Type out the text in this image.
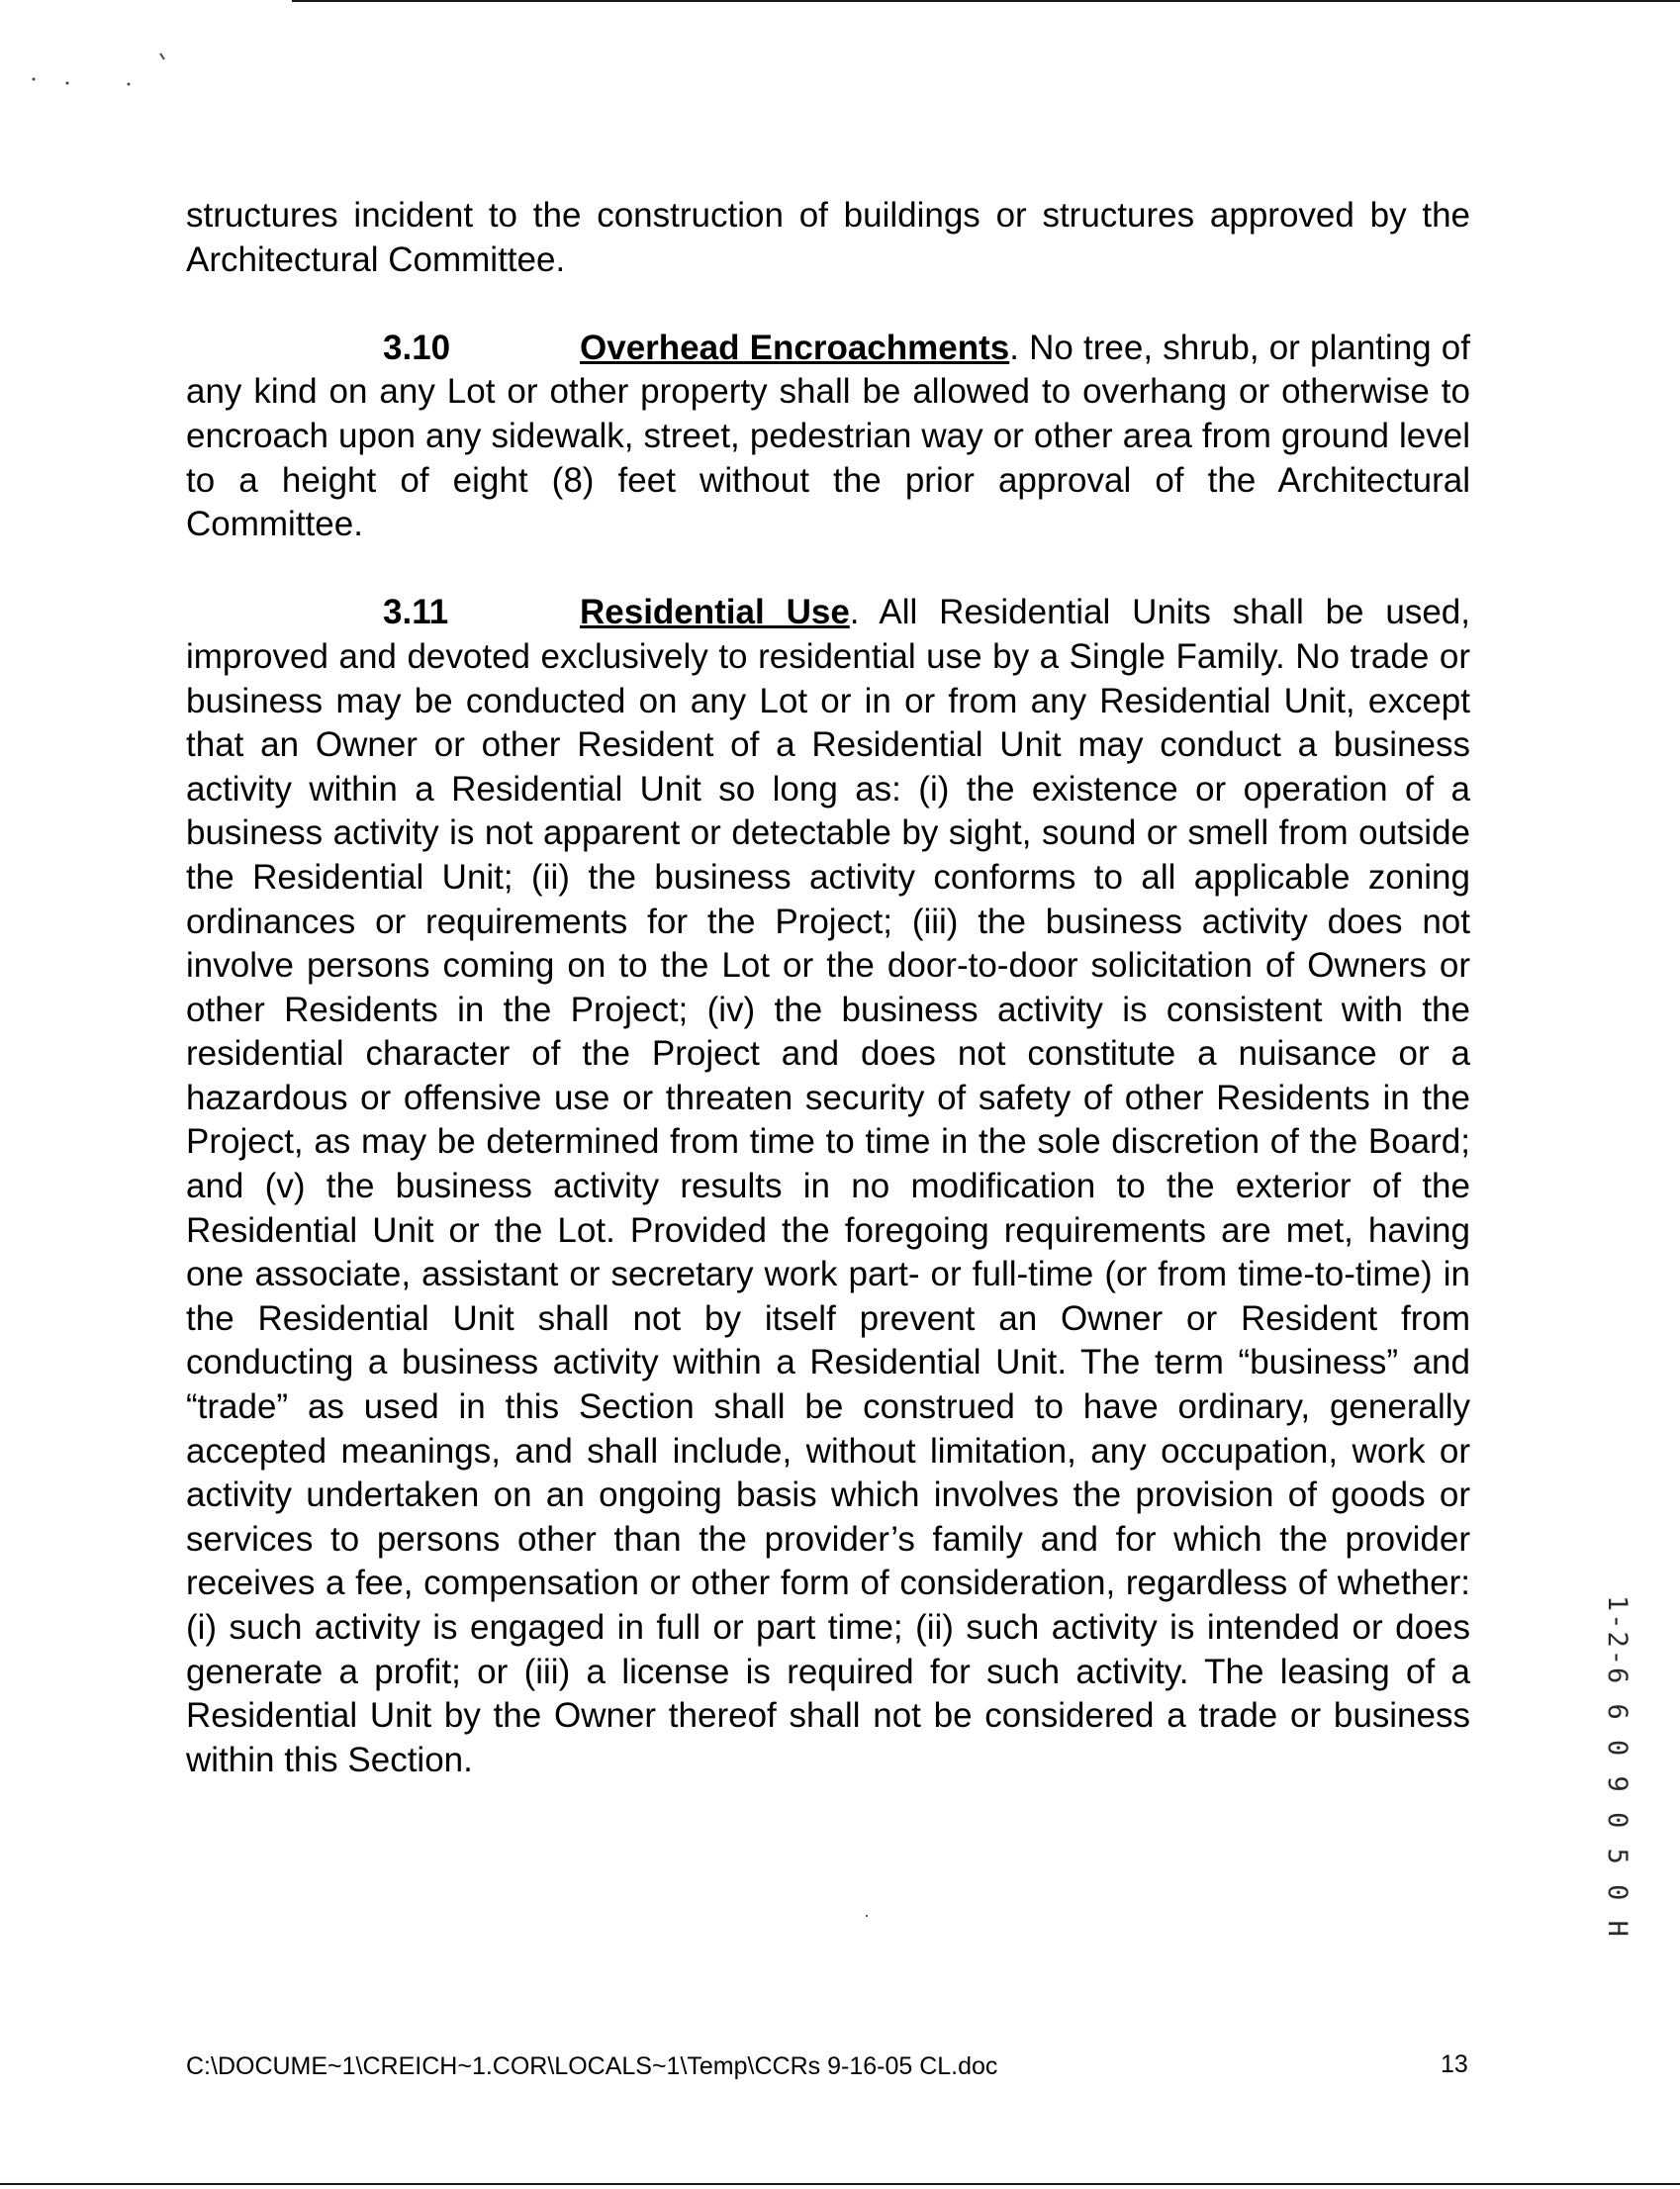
structures incident to the construction of buildings or structures approved by the Architectural Committee.

3.10	Overhead Encroachments. No tree, shrub, or planting of any kind on any Lot or other property shall be allowed to overhang or otherwise to encroach upon any sidewalk, street, pedestrian way or other area from ground level to a height of eight (8) feet without the prior approval of the Architectural Committee.

3.11	Residential Use. All Residential Units shall be used, improved and devoted exclusively to residential use by a Single Family. No trade or business may be conducted on any Lot or in or from any Residential Unit, except that an Owner or other Resident of a Residential Unit may conduct a business activity within a Residential Unit so long as: (i) the existence or operation of a business activity is not apparent or detectable by sight, sound or smell from outside the Residential Unit; (ii) the business activity conforms to all applicable zoning ordinances or requirements for the Project; (iii) the business activity does not involve persons coming on to the Lot or the door-to-door solicitation of Owners or other Residents in the Project; (iv) the business activity is consistent with the residential character of the Project and does not constitute a nuisance or a hazardous or offensive use or threaten security of safety of other Residents in the Project, as may be determined from time to time in the sole discretion of the Board; and (v) the business activity results in no modification to the exterior of the Residential Unit or the Lot. Provided the foregoing requirements are met, having one associate, assistant or secretary work part- or full-time (or from time-to-time) in the Residential Unit shall not by itself prevent an Owner or Resident from conducting a business activity within a Residential Unit. The term “business” and “trade” as used in this Section shall be construed to have ordinary, generally accepted meanings, and shall include, without limitation, any occupation, work or activity undertaken on an ongoing basis which involves the provision of goods or services to persons other than the provider’s family and for which the provider receives a fee, compensation or other form of consideration, regardless of whether: (i) such activity is engaged in full or part time; (ii) such activity is intended or does generate a profit; or (iii) a license is required for such activity. The leasing of a Residential Unit by the Owner thereof shall not be considered a trade or business within this Section.	1-2-6 6 0 9 0 5 0 H
C:\DOCUME~1\CREICH~1.COR\LOCALS~1\Temp\CCRs 9-16-05 CL.doc	13
